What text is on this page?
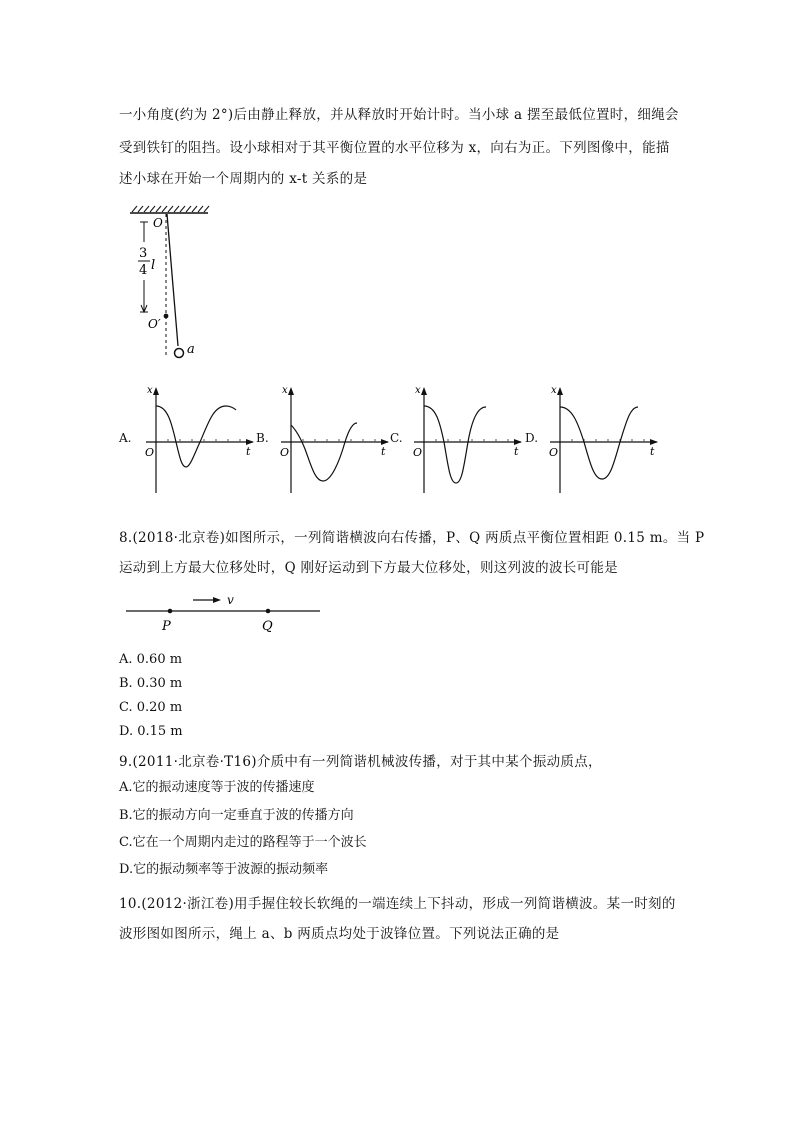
一小角度(约为 2°)后由静止释放，并从释放时开始计时。当小球 a 摆至最低位置时，细绳会
受到铁钉的阻挡。设小球相对于其平衡位置的水平位移为 x，向右为正。下列图像中，能描
述小球在开始一个周期内的 x-t 关系的是
O
a
O′
3
4 l
A.
x
t
O
B.
x
t
O
C.
x
t
O
D.
x
t
O
8.(2018·北京卷)如图所示，一列简谐横波向右传播，P、Q 两质点平衡位置相距 0.15 m。当 P
运动到上方最大位移处时，Q 刚好运动到下方最大位移处，则这列波的波长可能是
v
P	Q
A. 0.60 m
B. 0.30 m
C. 0.20 m
D. 0.15 m
9.(2011·北京卷·T16)介质中有一列简谐机械波传播，对于其中某个振动质点，
A.它的振动速度等于波的传播速度
B.它的振动方向一定垂直于波的传播方向
C.它在一个周期内走过的路程等于一个波长
D.它的振动频率等于波源的振动频率
10.(2012·浙江卷)用手握住较长软绳的一端连续上下抖动，形成一列简谐横波。某一时刻的
波形图如图所示，绳上 a、b 两质点均处于波锋位置。下列说法正确的是
